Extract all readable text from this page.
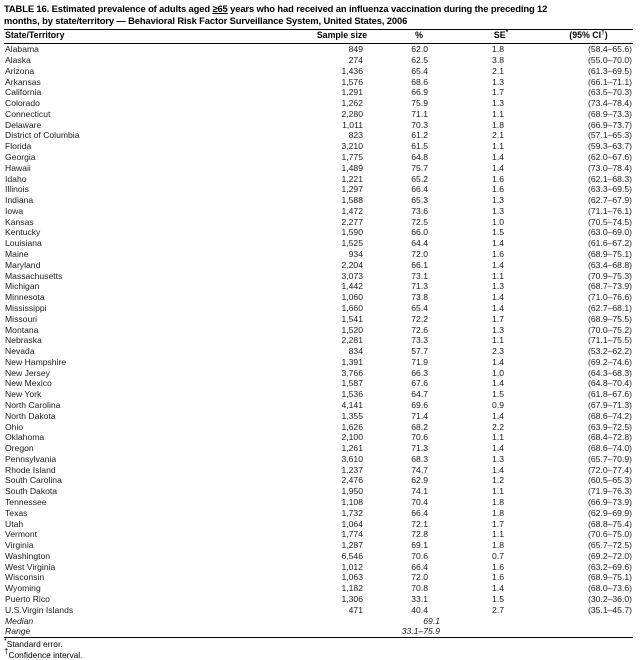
TABLE 16. Estimated prevalence of adults aged ≥65 years who had received an influenza vaccination during the preceding 12
months, by state/territory — Behavioral Risk Factor Surveillance System, United States, 2006
State/Territory	Sample size	%	SE*	(95% CI†)
Alabama	849	62.0	1.8	(58.4–65.6)
Alaska	274	62.5	3.8	(55.0–70.0)
Arizona	1,436	65.4	2.1	(61.3–69.5)
Arkansas	1,576	68.6	1.3	(66.1–71.1)
California	1,291	66.9	1.7	(63.5–70.3)
Colorado	1,262	75.9	1.3	(73.4–78.4)
Connecticut	2,280	71.1	1.1	(68.9–73.3)
Delaware	1,011	70.3	1.8	(66.9–73.7)
District of Columbia	823	61.2	2.1	(57.1–65.3)
Florida	3,210	61.5	1.1	(59.3–63.7)
Georgia	1,775	64.8	1.4	(62.0–67.6)
Hawaii	1,489	75.7	1.4	(73.0–78.4)
Idaho	1,221	65.2	1.6	(62.1–68.3)
Illinois	1,297	66.4	1.6	(63.3–69.5)
Indiana	1,588	65.3	1.3	(62.7–67.9)
Iowa	1,472	73.6	1.3	(71.1–76.1)
Kansas	2,277	72.5	1.0	(70.5–74.5)
Kentucky	1,590	66.0	1.5	(63.0–69.0)
Louisiana	1,525	64.4	1.4	(61.6–67.2)
Maine	934	72.0	1.6	(68.9–75.1)
Maryland	2,204	66.1	1.4	(63.4–68.8)
Massachusetts	3,073	73.1	1.1	(70.9–75.3)
Michigan	1,442	71.3	1.3	(68.7–73.9)
Minnesota	1,060	73.8	1.4	(71.0–76.6)
Mississippi	1,660	65.4	1.4	(62.7–68.1)
Missouri	1,541	72.2	1.7	(68.9–75.5)
Montana	1,520	72.6	1.3	(70.0–75.2)
Nebraska	2,281	73.3	1.1	(71.1–75.5)
Nevada	834	57.7	2.3	(53.2–62.2)
New Hampshire	1,391	71.9	1.4	(69.2–74.6)
New Jersey	3,766	66.3	1.0	(64.3–68.3)
New Mexico	1,587	67.6	1.4	(64.8–70.4)
New York	1,536	64.7	1.5	(61.8–67.6)
North Carolina	4,141	69.6	0.9	(67.9–71.3)
North Dakota	1,355	71.4	1.4	(68.6–74.2)
Ohio	1,626	68.2	2.2	(63.9–72.5)
Oklahoma	2,100	70.6	1.1	(68.4–72.8)
Oregon	1,261	71.3	1.4	(68.6–74.0)
Pennsylvania	3,610	68.3	1.3	(65.7–70.9)
Rhode Island	1,237	74.7	1.4	(72.0–77.4)
South Carolina	2,476	62.9	1.2	(60.5–65.3)
South Dakota	1,950	74.1	1.1	(71.9–76.3)
Tennessee	1,108	70.4	1.8	(66.9–73.9)
Texas	1,732	66.4	1.8	(62.9–69.9)
Utah	1,064	72.1	1.7	(68.8–75.4)
Vermont	1,774	72.8	1.1	(70.6–75.0)
Virginia	1,287	69.1	1.8	(65.7–72.5)
Washington	6,546	70.6	0.7	(69.2–72.0)
West Virginia	1,012	66.4	1.6	(63.2–69.6)
Wisconsin	1,063	72.0	1.6	(68.9–75.1)
Wyoming	1,182	70.8	1.4	(68.0–73.6)
Puerto Rico	1,306	33.1	1.5	(30.2–36.0)
U.S.Virgin Islands	471	40.4	2.7	(35.1–45.7)
Median		69.1		
Range		33.1–75.9		
*Standard error.
†Confidence interval.
